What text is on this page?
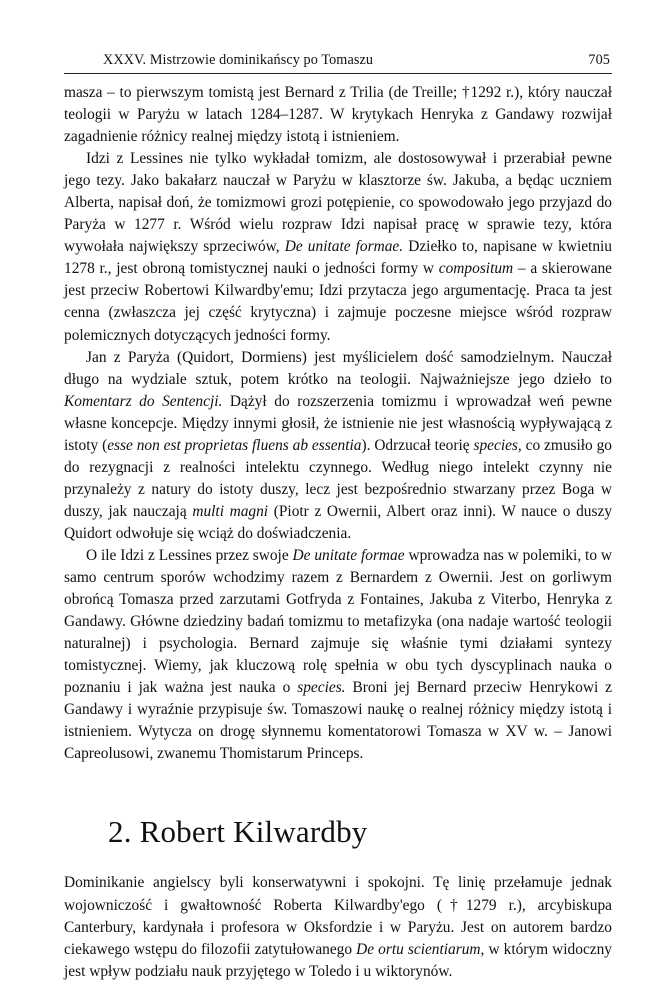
XXXV. Mistrzowie dominikańscy po Tomaszu	705

masza – to pierwszym tomistą jest Bernard z Trilia (de Treille; †1292 r.), który nauczał teologii w Paryżu w latach 1284–1287. W krytykach Henryka z Gandawy rozwijał zagadnienie różnicy realnej między istotą i istnieniem.

Idzi z Lessines nie tylko wykładał tomizm, ale dostosowywał i przerabiał pewne jego tezy. Jako bakałarz nauczał w Paryżu w klasztorze św. Jakuba, a będąc uczniem Alberta, napisał doń, że tomizmowi grozi potępienie, co spowodowało jego przyjazd do Paryża w 1277 r. Wśród wielu rozpraw Idzi napisał pracę w sprawie tezy, która wywołała największy sprzeciwów, De unitate formae. Dziełko to, napisane w kwietniu 1278 r., jest obroną tomistycznej nauki o jedności formy w compositum – a skierowane jest przeciw Robertowi Kilwardby'emu; Idzi przytacza jego argumentację. Praca ta jest cenna (zwłaszcza jej część krytyczna) i zajmuje poczesne miejsce wśród rozpraw polemicznych dotyczących jedności formy.

Jan z Paryża (Quidort, Dormiens) jest myślicielem dość samodzielnym. Nauczał długo na wydziale sztuk, potem krótko na teologii. Najważniejsze jego dzieło to Komentarz do Sentencji. Dążył do rozszerzenia tomizmu i wprowadzał weń pewne własne koncepcje. Między innymi głosił, że istnienie nie jest własnością wypływającą z istoty (esse non est proprietas fluens ab essentia). Odrzucał teorię species, co zmusiło go do rezygnacji z realności intelektu czynnego. Według niego intelekt czynny nie przynależy z natury do istoty duszy, lecz jest bezpośrednio stwarzany przez Boga w duszy, jak nauczają multi magni (Piotr z Owernii, Albert oraz inni). W nauce o duszy Quidort odwołuje się wciąż do doświadczenia.

O ile Idzi z Lessines przez swoje De unitate formae wprowadza nas w polemiki, to w samo centrum sporów wchodzimy razem z Bernardem z Owernii. Jest on gorliwym obrońcą Tomasza przed zarzutami Gotfryda z Fontaines, Jakuba z Viterbo, Henryka z Gandawy. Główne dziedziny badań tomizmu to metafizyka (ona nadaje wartość teologii naturalnej) i psychologia. Bernard zajmuje się właśnie tymi działami syntezy tomistycznej. Wiemy, jak kluczową rolę spełnia w obu tych dyscyplinach nauka o poznaniu i jak ważna jest nauka o species. Broni jej Bernard przeciw Henrykowi z Gandawy i wyraźnie przypisuje św. Tomaszowi naukę o realnej różnicy między istotą i istnieniem. Wytycza on drogę słynnemu komentatorowi Tomasza w XV w. – Janowi Capreolusowi, zwanemu Thomistarum Princeps.

2. Robert Kilwardby

Dominikanie angielscy byli konserwatywni i spokojni. Tę linię przełamuje jednak wojowniczość i gwałtowność Roberta Kilwardby'ego (†1279 r.), arcybiskupa Canterbury, kardynała i profesora w Oksfordzie i w Paryżu. Jest on autorem bardzo ciekawego wstępu do filozofii zatytułowanego De ortu scientiarum, w którym widoczny jest wpływ podziału nauk przyjętego w Toledo i u wiktorynów.
